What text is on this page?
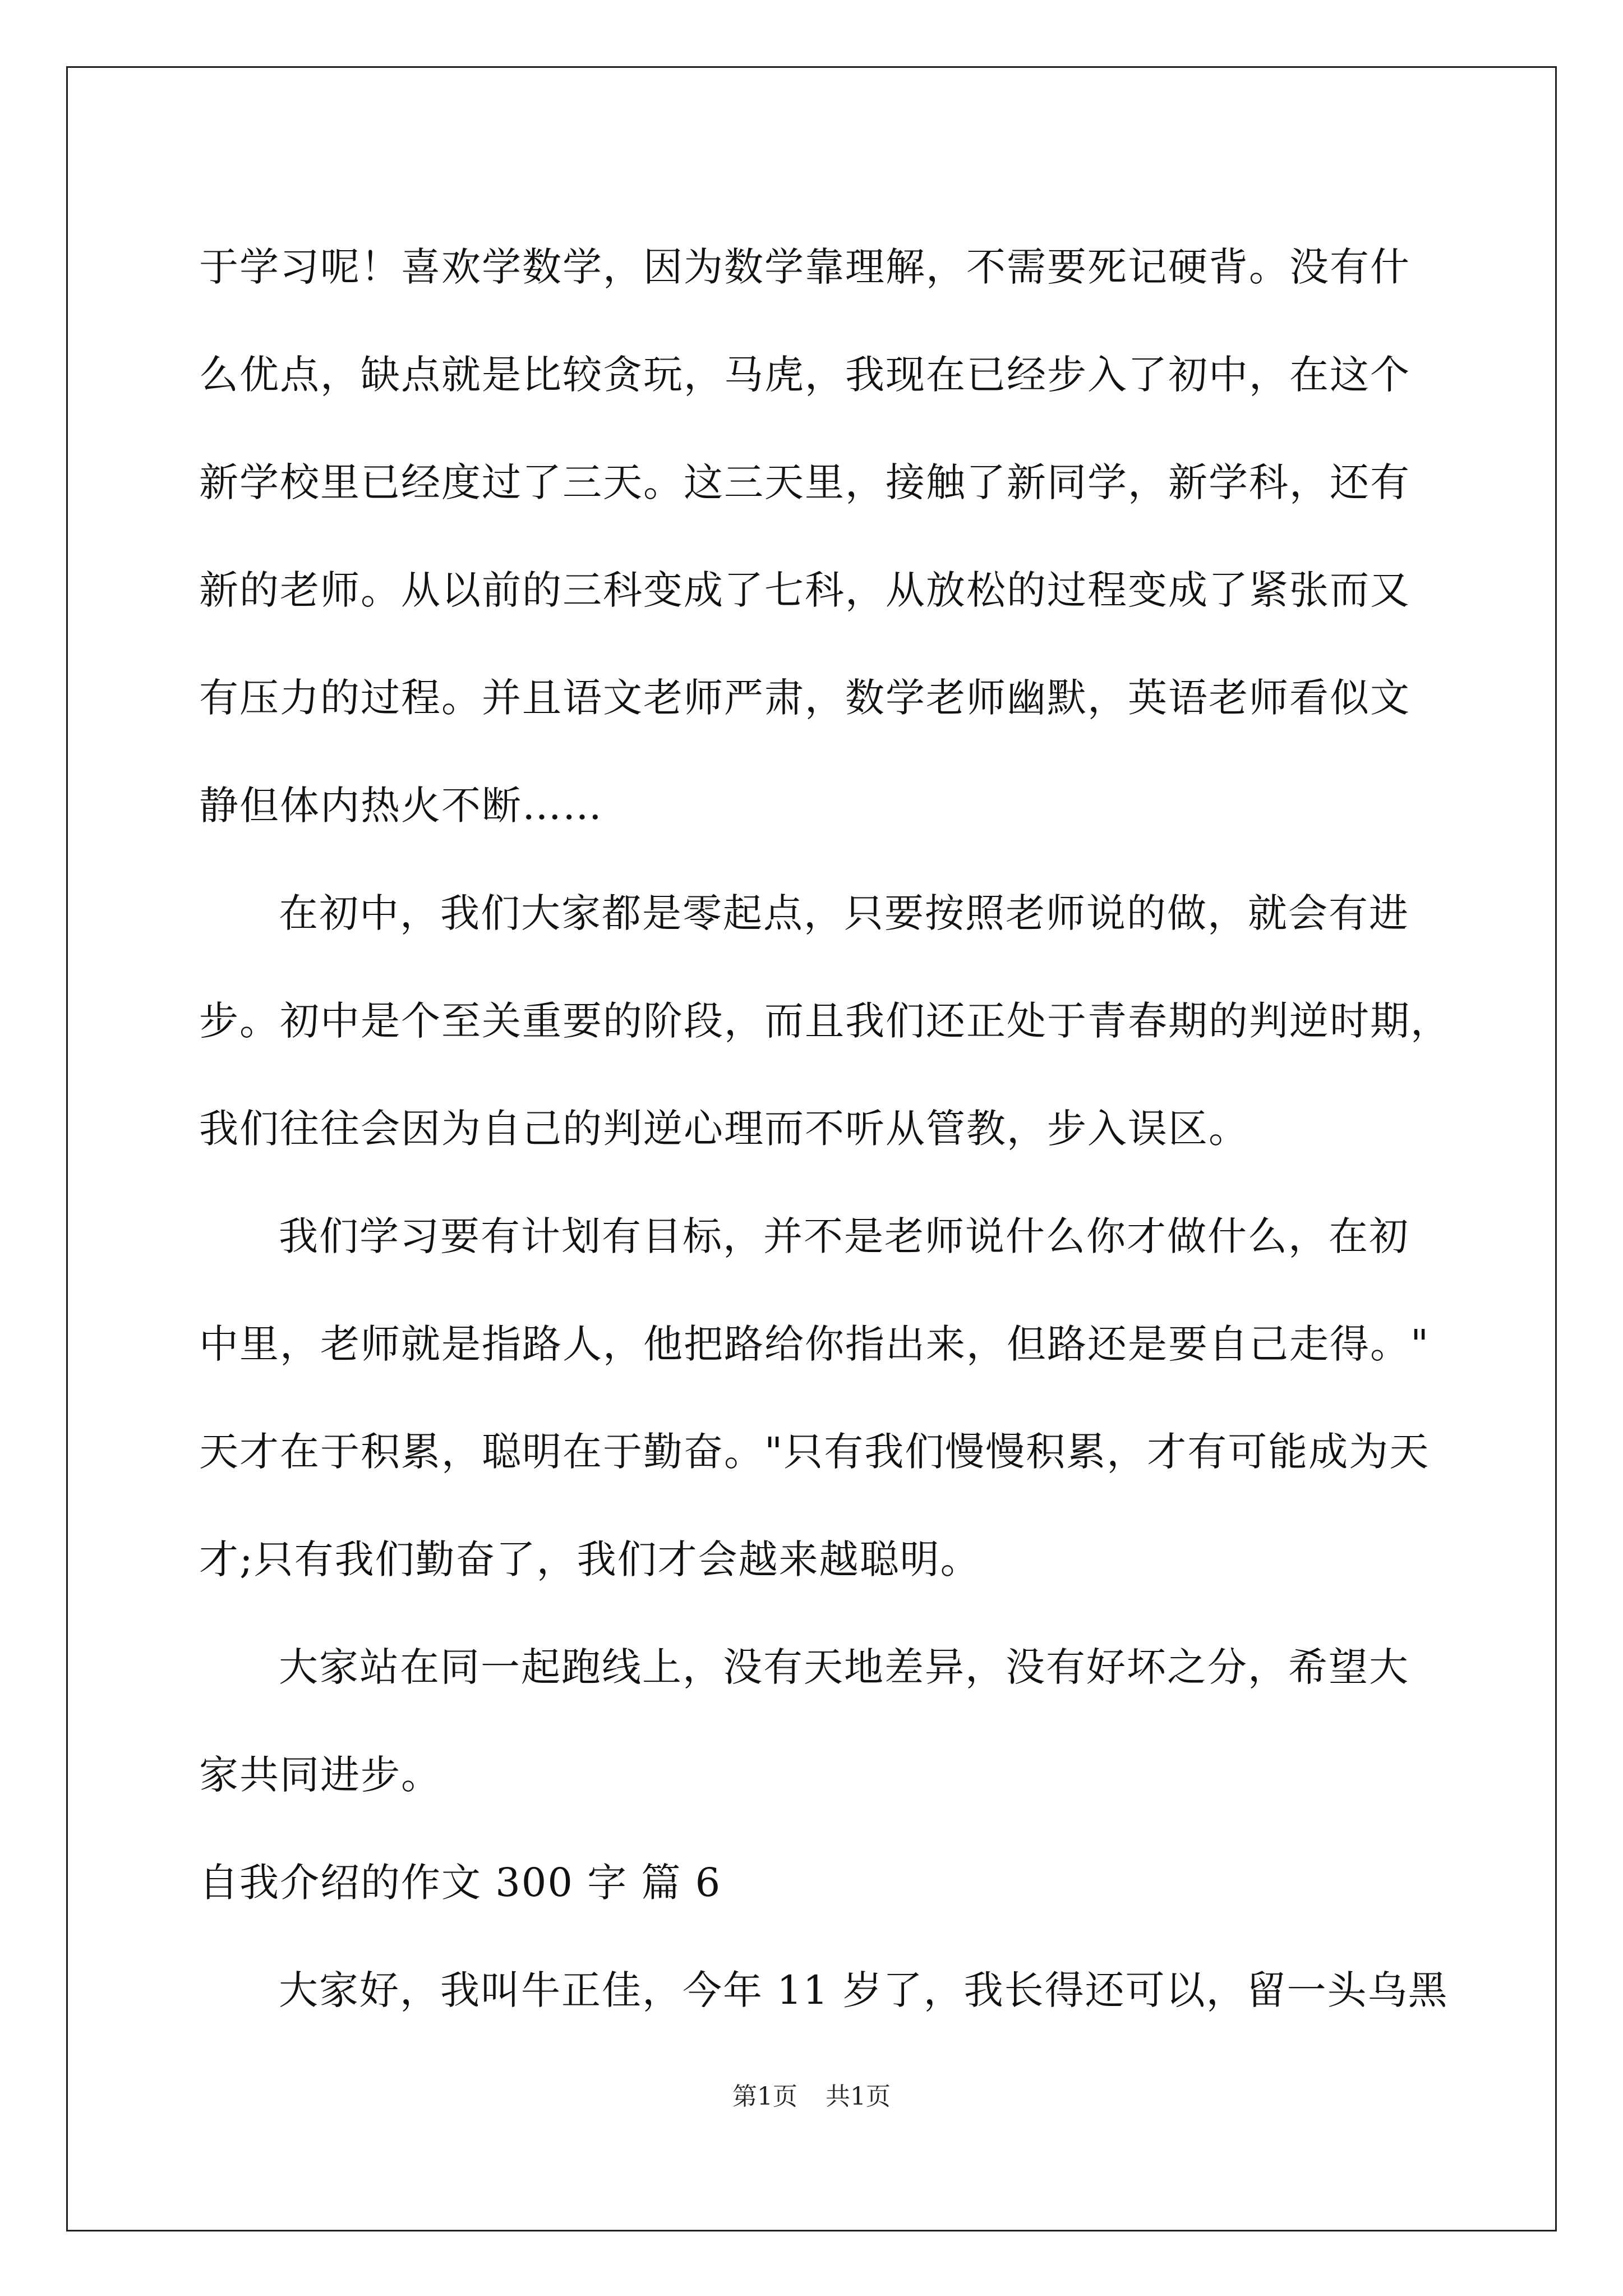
于学习呢！喜欢学数学，因为数学靠理解，不需要死记硬背。没有什
么优点，缺点就是比较贪玩，马虎，我现在已经步入了初中，在这个
新学校里已经度过了三天。这三天里，接触了新同学，新学科，还有
新的老师。从以前的三科变成了七科，从放松的过程变成了紧张而又
有压力的过程。并且语文老师严肃，数学老师幽默，英语老师看似文
静但体内热火不断……
在初中，我们大家都是零起点，只要按照老师说的做，就会有进
步。初中是个至关重要的阶段，而且我们还正处于青春期的判逆时期，
我们往往会因为自己的判逆心理而不听从管教，步入误区。
我们学习要有计划有目标，并不是老师说什么你才做什么，在初
中里，老师就是指路人，他把路给你指出来，但路还是要自己走得。"
天才在于积累，聪明在于勤奋。"只有我们慢慢积累，才有可能成为天
才;只有我们勤奋了，我们才会越来越聪明。
大家站在同一起跑线上，没有天地差异，没有好坏之分，希望大
家共同进步。
自我介绍的作文 300 字 篇 6
大家好，我叫牛正佳，今年 11 岁了，我长得还可以，留一头乌黑
第1页 共1页
